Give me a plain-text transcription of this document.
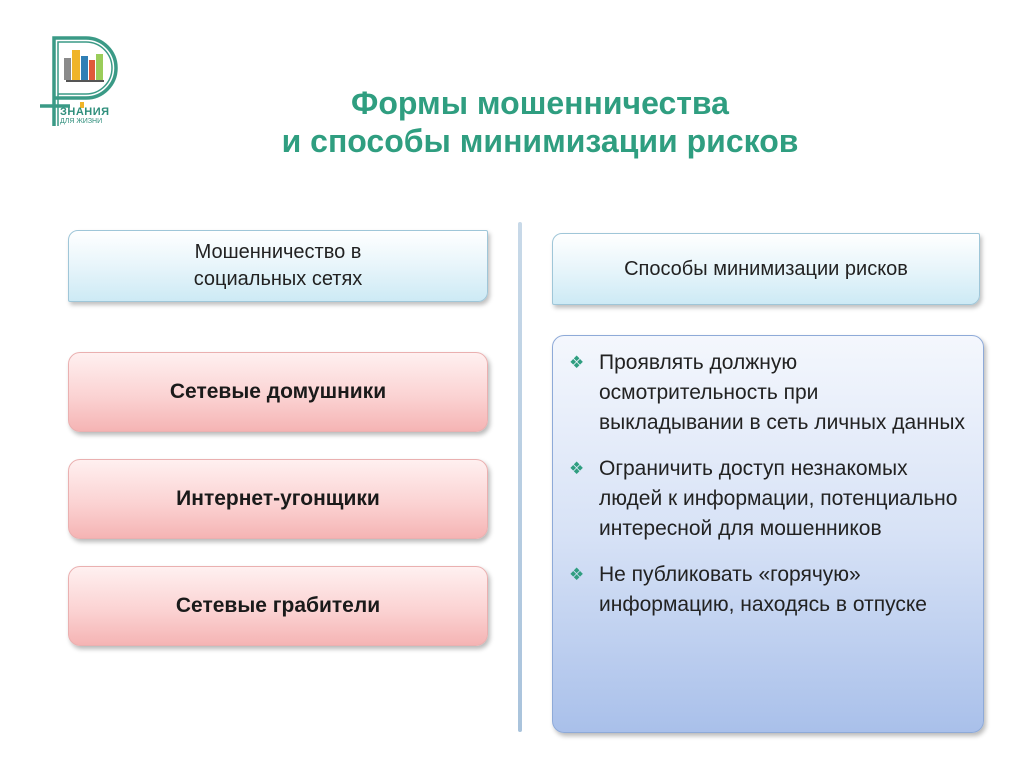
ЗНАНИЯ
ДЛЯ ЖИЗНИ
Формы мошенничества
и способы минимизации рисков
Мошенничество в
социальных сетях	Способы минимизации рисков
Сетевые домушники
Интернет-угонщики
Сетевые грабители
❖ Проявлять должную осмотрительность при выкладывании в сеть личных данных
❖ Ограничить доступ незнакомых людей к информации, потенциально интересной для мошенников
❖ Не публиковать «горячую» информацию, находясь в отпуске
